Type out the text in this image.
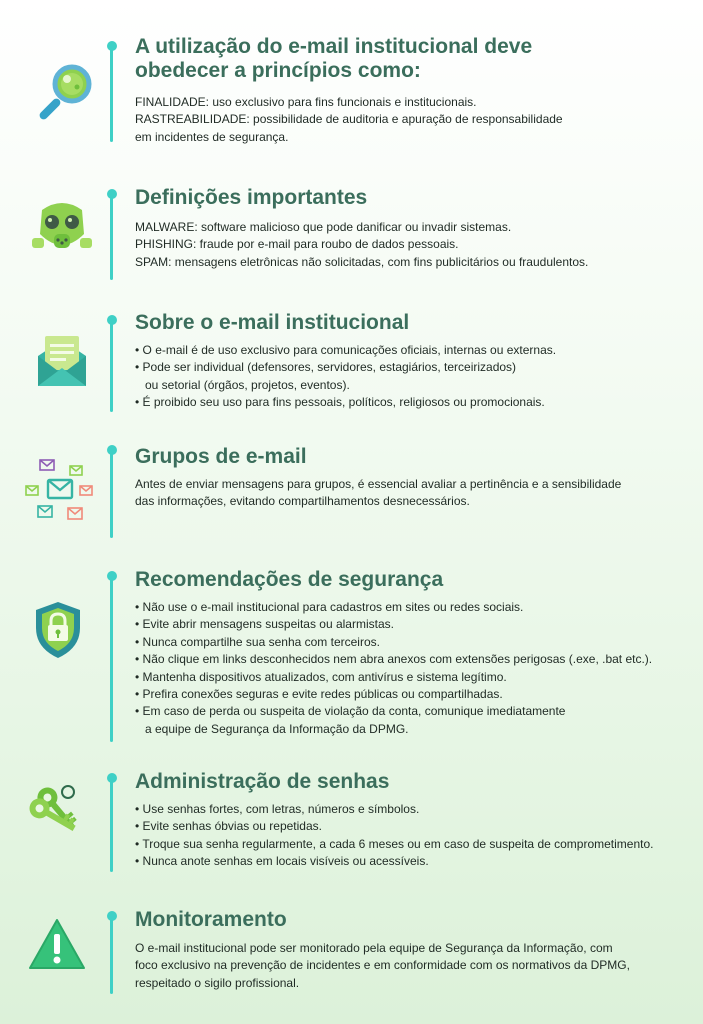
A utilização do e-mail institucional deve
obedecer a princípios como:
FINALIDADE: uso exclusivo para fins funcionais e institucionais.
RASTREABILIDADE: possibilidade de auditoria e apuração de responsabilidade
em incidentes de segurança.
Definições importantes
MALWARE: software malicioso que pode danificar ou invadir sistemas.
PHISHING: fraude por e-mail para roubo de dados pessoais.
SPAM: mensagens eletrônicas não solicitadas, com fins publicitários ou fraudulentos.
Sobre o e-mail institucional
• O e-mail é de uso exclusivo para comunicações oficiais, internas ou externas.
• Pode ser individual (defensores, servidores, estagiários, terceirizados)
ou setorial (órgãos, projetos, eventos).
• É proibido seu uso para fins pessoais, políticos, religiosos ou promocionais.
Grupos de e-mail
Antes de enviar mensagens para grupos, é essencial avaliar a pertinência e a sensibilidade
das informações, evitando compartilhamentos desnecessários.
Recomendações de segurança
• Não use o e-mail institucional para cadastros em sites ou redes sociais.
• Evite abrir mensagens suspeitas ou alarmistas.
• Nunca compartilhe sua senha com terceiros.
• Não clique em links desconhecidos nem abra anexos com extensões perigosas (.exe, .bat etc.).
• Mantenha dispositivos atualizados, com antivírus e sistema legítimo.
• Prefira conexões seguras e evite redes públicas ou compartilhadas.
• Em caso de perda ou suspeita de violação da conta, comunique imediatamente
a equipe de Segurança da Informação da DPMG.
Administração de senhas
• Use senhas fortes, com letras, números e símbolos.
• Evite senhas óbvias ou repetidas.
• Troque sua senha regularmente, a cada 6 meses ou em caso de suspeita de comprometimento.
• Nunca anote senhas em locais visíveis ou acessíveis.
Monitoramento
O e-mail institucional pode ser monitorado pela equipe de Segurança da Informação, com
foco exclusivo na prevenção de incidentes e em conformidade com os normativos da DPMG,
respeitado o sigilo profissional.
